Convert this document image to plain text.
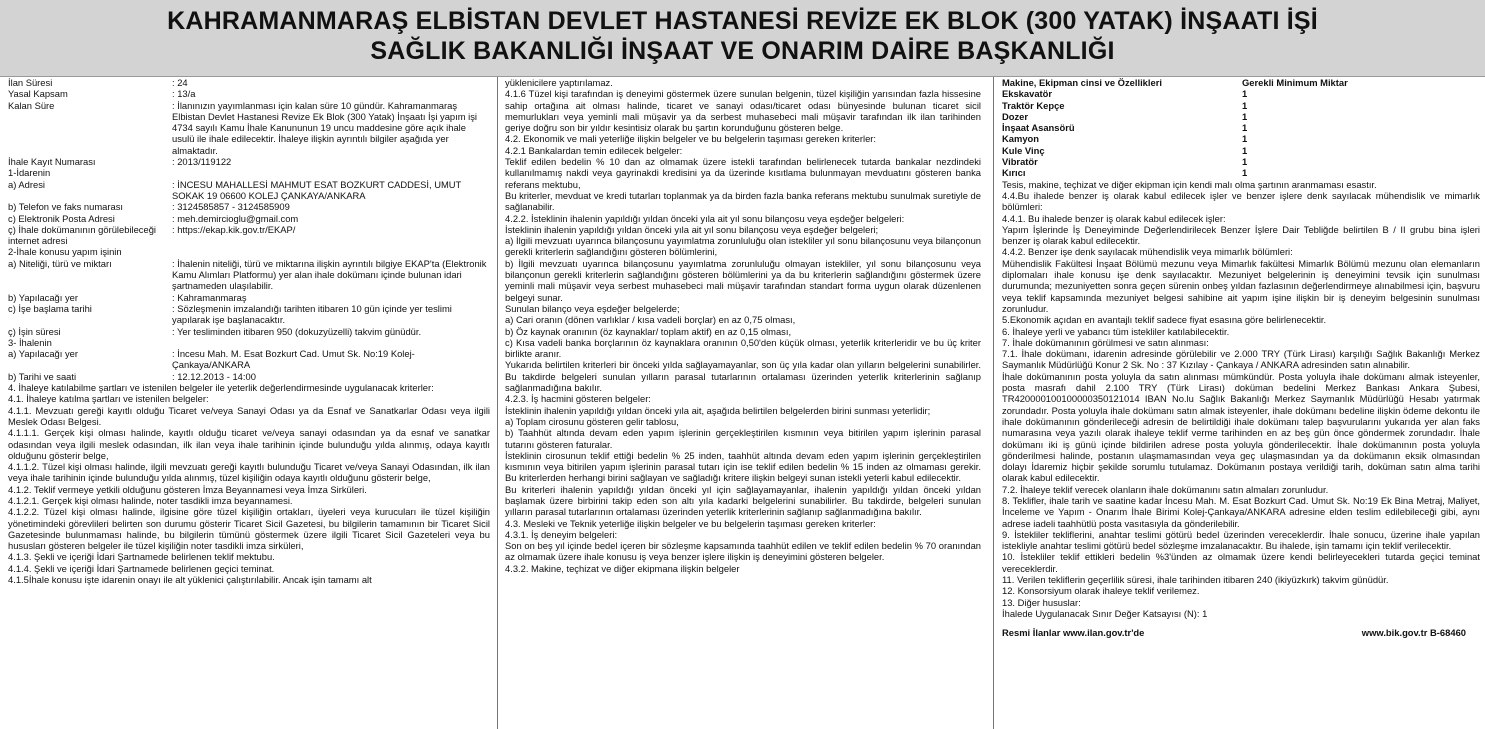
KAHRAMANMARAŞ ELBİSTAN DEVLET HASTANESİ REVİZE EK BLOK (300 YATAK) İNŞAATI İŞİ
SAĞLIK BAKANLIĞI İNŞAAT VE ONARIM DAİRE BAŞKANLIĞI
İlan Süresi	: 24
Yasal Kapsam	: 13/a
Kalan Süre	: İlanınızın yayımlanması için kalan süre 10 gündür. Kahramanmaraş Elbistan Devlet Hastanesi Revize Ek Blok (300 Yatak) İnşaatı İşi yapım işi 4734 sayılı Kamu İhale Kanununun 19 uncu maddesine göre açık ihale usulü ile ihale edilecektir. İhaleye ilişkin ayrıntılı bilgiler aşağıda yer almaktadır.
İhale Kayıt Numarası	: 2013/119122
1-İdarenin
a) Adresi	: İNCESU MAHALLESİ MAHMUT ESAT BOZKURT CADDESİ, UMUT SOKAK 19 06600 KOLEJ ÇANKAYA/ANKARA
b) Telefon ve faks numarası	: 3124585857 - 3124585909
c) Elektronik Posta Adresi	: meh.demircioglu@gmail.com
ç) İhale dokümanının görülebileceği internet adresi
: https://ekap.kik.gov.tr/EKAP/
2-İhale konusu yapım işinin
a) Niteliği, türü ve miktarı	: İhalenin niteliği, türü ve miktarına ilişkin ayrıntılı bilgiye EKAP'ta (Elektronik Kamu Alımları Platformu) yer alan ihale dokümanı içinde bulunan idari şartnameden ulaşılabilir.
b) Yapılacağı yer	: Kahramanmaraş
c) İşe başlama tarihi	: Sözleşmenin imzalandığı tarihten itibaren 10 gün içinde yer teslimi yapılarak işe başlanacaktır.
ç) İşin süresi	: Yer tesliminden itibaren 950 (dokuzyüzelli) takvim günüdür.
3- İhalenin
a) Yapılacağı yer	: İncesu Mah. M. Esat Bozkurt Cad. Umut Sk. No:19 Kolej-Çankaya/ANKARA
b) Tarihi ve saati	: 12.12.2013 - 14:00

4. İhaleye katılabilme şartları ve istenilen belgeler ile yeterlik değerlendirmesinde uygulanacak kriterler:

4.1. İhaleye katılma şartları ve istenilen belgeler:

4.1.1. Mevzuatı gereği kayıtlı olduğu Ticaret ve/veya Sanayi Odası ya da Esnaf ve Sanatkarlar Odası veya ilgili Meslek Odası Belgesi.

4.1.1.1. Gerçek kişi olması halinde, kayıtlı olduğu ticaret ve/veya sanayi odasından ya da esnaf ve sanatkar odasından veya ilgili meslek odasından, ilk ilan veya ihale tarihinin içinde bulunduğu yılda alınmış, odaya kayıtlı olduğunu gösterir belge,

4.1.1.2. Tüzel kişi olması halinde, ilgili mevzuatı gereği kayıtlı bulunduğu Ticaret ve/veya Sanayi Odasından, ilk ilan veya ihale tarihinin içinde bulunduğu yılda alınmış, tüzel kişiliğin odaya kayıtlı olduğunu gösterir belge,

4.1.2. Teklif vermeye yetkili olduğunu gösteren İmza Beyannamesi veya İmza Sirküleri.

4.1.2.1. Gerçek kişi olması halinde, noter tasdikli imza beyannamesi.

4.1.2.2. Tüzel kişi olması halinde, ilgisine göre tüzel kişiliğin ortakları, üyeleri veya kurucuları ile tüzel kişiliğin yönetimindeki görevlileri belirten son durumu gösterir Ticaret Sicil Gazetesi, bu bilgilerin tamamının bir Ticaret Sicil Gazetesinde bulunmaması halinde, bu bilgilerin tümünü göstermek üzere ilgili Ticaret Sicil Gazeteleri veya bu hususları gösteren belgeler ile tüzel kişiliğin noter tasdikli imza sirküleri,

4.1.3. Şekli ve içeriği İdari Şartnamede belirlenen teklif mektubu.

4.1.4. Şekli ve içeriği İdari Şartnamede belirlenen geçici teminat.

4.1.5İhale konusu işte idarenin onayı ile alt yüklenici çalıştırılabilir. Ancak işin tamamı alt

yüklenicilere yaptırılamaz.

4.1.6 Tüzel kişi tarafından iş deneyimi göstermek üzere sunulan belgenin, tüzel kişiliğin yarısından fazla hissesine sahip ortağına ait olması halinde, ticaret ve sanayi odası/ticaret odası bünyesinde bulunan ticaret sicil memurlukları veya yeminli mali müşavir ya da serbest muhasebeci mali müşavir tarafından ilk ilan tarihinden geriye doğru son bir yıldır kesintisiz olarak bu şartın korunduğunu gösteren belge.

4.2. Ekonomik ve mali yeterliğe ilişkin belgeler ve bu belgelerin taşıması gereken kriterler:

4.2.1 Bankalardan temin edilecek belgeler:

Teklif edilen bedelin % 10 dan az olmamak üzere istekli tarafından belirlenecek tutarda bankalar nezdindeki kullanılmamış nakdi veya gayrinakdi kredisini ya da üzerinde kısıtlama bulunmayan mevduatını gösteren banka referans mektubu,

Bu kriterler, mevduat ve kredi tutarları toplanmak ya da birden fazla banka referans mektubu sunulmak suretiyle de sağlanabilir.

4.2.2. İsteklinin ihalenin yapıldığı yıldan önceki yıla ait yıl sonu bilançosu veya eşdeğer belgeleri:

İsteklinin ihalenin yapıldığı yıldan önceki yıla ait yıl sonu bilançosu veya eşdeğer belgeleri;

a) İlgili mevzuatı uyarınca bilançosunu yayımlatma zorunluluğu olan istekliler yıl sonu bilançosunu veya bilançonun gerekli kriterlerin sağlandığını gösteren bölümlerini,

b) İlgili mevzuatı uyarınca bilançosunu yayımlatma zorunluluğu olmayan istekliler, yıl sonu bilançosunu veya bilançonun gerekli kriterlerin sağlandığını gösteren bölümlerini ya da bu kriterlerin sağlandığını göstermek üzere yeminli mali müşavir veya serbest muhasebeci mali müşavir tarafından standart forma uygun olarak düzenlenen belgeyi sunar.

Sunulan bilanço veya eşdeğer belgelerde;

a) Cari oranın (dönen varlıklar / kısa vadeli borçlar) en az 0,75 olması,

b) Öz kaynak oranının (öz kaynaklar/ toplam aktif) en az 0,15 olması,

c) Kısa vadeli banka borçlarının öz kaynaklara oranının 0,50'den küçük olması, yeterlik kriterleridir ve bu üç kriter birlikte aranır.

Yukarıda belirtilen kriterleri bir önceki yılda sağlayamayanlar, son üç yıla kadar olan yılların belgelerini sunabilirler. Bu takdirde belgeleri sunulan yılların parasal tutarlarının ortalaması üzerinden yeterlik kriterlerinin sağlanıp sağlanmadığına bakılır.

4.2.3. İş hacmini gösteren belgeler:

İsteklinin ihalenin yapıldığı yıldan önceki yıla ait, aşağıda belirtilen belgelerden birini sunması yeterlidir;

a) Toplam cirosunu gösteren gelir tablosu,

b) Taahhüt altında devam eden yapım işlerinin gerçekleştirilen kısmının veya bitirilen yapım işlerinin parasal tutarını gösteren faturalar.

İsteklinin cirosunun teklif ettiği bedelin % 25 inden, taahhüt altında devam eden yapım işlerinin gerçekleştirilen kısmının veya bitirilen yapım işlerinin parasal tutarı için ise teklif edilen bedelin % 15 inden az olmaması gerekir. Bu kriterlerden herhangi birini sağlayan ve sağladığı kritere ilişkin belgeyi sunan istekli yeterli kabul edilecektir.

Bu kriterleri ihalenin yapıldığı yıldan önceki yıl için sağlayamayanlar, ihalenin yapıldığı yıldan önceki yıldan başlamak üzere birbirini takip eden son altı yıla kadarki belgelerini sunabilirler. Bu takdirde, belgeleri sunulan yılların parasal tutarlarının ortalaması üzerinden yeterlik kriterlerinin sağlanıp sağlanmadığına bakılır.

4.3. Mesleki ve Teknik yeterliğe ilişkin belgeler ve bu belgelerin taşıması gereken kriterler:

4.3.1. İş deneyim belgeleri:

Son on beş yıl içinde bedel içeren bir sözleşme kapsamında taahhüt edilen ve teklif edilen bedelin % 70 oranından az olmamak üzere ihale konusu iş veya benzer işlere ilişkin iş deneyimini gösteren belgeler.

4.3.2. Makine, teçhizat ve diğer ekipmana ilişkin belgeler

Makine, Ekipman cinsi ve Özellikleri	Gerekli Minimum Miktar
Ekskavatör	1
Traktör Kepçe	1
Dozer	1
İnşaat Asansörü	1
Kamyon	1
Kule Vinç	1
Vibratör	1
Kırıcı	1

Tesis, makine, teçhizat ve diğer ekipman için kendi malı olma şartının aranmaması esastır.

4.4.Bu ihalede benzer iş olarak kabul edilecek işler ve benzer işlere denk sayılacak mühendislik ve mimarlık bölümleri:

4.4.1. Bu ihalede benzer iş olarak kabul edilecek işler:

Yapım İşlerinde İş Deneyiminde Değerlendirilecek Benzer İşlere Dair Tebliğde belirtilen B / II grubu bina işleri benzer iş olarak kabul edilecektir.

4.4.2. Benzer işe denk sayılacak mühendislik veya mimarlık bölümleri:

Mühendislik Fakültesi İnşaat Bölümü mezunu veya Mimarlık fakültesi Mimarlık Bölümü mezunu olan elemanların diplomaları ihale konusu işe denk sayılacaktır. Mezuniyet belgelerinin iş deneyimini tevsik için sunulması durumunda; mezuniyetten sonra geçen sürenin onbeş yıldan fazlasının değerlendirmeye alınabilmesi için, başvuru veya teklif kapsamında mezuniyet belgesi sahibine ait yapım işine ilişkin bir iş deneyim belgesinin sunulması zorunludur.

5.Ekonomik açıdan en avantajlı teklif sadece fiyat esasına göre belirlenecektir.

6. İhaleye yerli ve yabancı tüm istekliler katılabilecektir.

7. İhale dokümanının görülmesi ve satın alınması:

7.1. İhale dokümanı, idarenin adresinde görülebilir ve 2.000 TRY (Türk Lirası) karşılığı Sağlık Bakanlığı Merkez Saymanlık Müdürlüğü Konur 2 Sk. No : 37 Kızılay - Çankaya / ANKARA adresinden satın alınabilir.

İhale dokümanının posta yoluyla da satın alınması mümkündür. Posta yoluyla ihale dokümanı almak isteyenler, posta masrafı dahil 2.100 TRY (Türk Lirası) doküman bedelini Merkez Bankası Ankara Şubesi, TR420000100100000350121014 IBAN No.lu Sağlık Bakanlığı Merkez Saymanlık Müdürlüğü Hesabı yatırmak zorundadır. Posta yoluyla ihale dokümanı satın almak isteyenler, ihale dokümanı bedeline ilişkin ödeme dekontu ile ihale dokümanının gönderileceği adresin de belirtildiği ihale dokümanı talep başvurularını yukarıda yer alan faks numarasına veya yazılı olarak ihaleye teklif verme tarihinden en az beş gün önce göndermek zorundadır. İhale dokümanı iki iş günü içinde bildirilen adrese posta yoluyla gönderilecektir. İhale dokümanının posta yoluyla gönderilmesi halinde, postanın ulaşmamasından veya geç ulaşmasından ya da dokümanın eksik olmasından dolayı İdaremiz hiçbir şekilde sorumlu tutulamaz. Dokümanın postaya verildiği tarih, doküman satın alma tarihi olarak kabul edilecektir.

7.2. İhaleye teklif verecek olanların ihale dokümanını satın almaları zorunludur.

8. Teklifler, ihale tarih ve saatine kadar İncesu Mah. M. Esat Bozkurt Cad. Umut Sk. No:19 Ek Bina Metraj, Maliyet, İnceleme ve Yapım - Onarım İhale Birimi Kolej-Çankaya/ANKARA adresine elden teslim edilebileceği gibi, aynı adrese iadeli taahhütlü posta vasıtasıyla da gönderilebilir.

9. İstekliler tekliflerini, anahtar teslimi götürü bedel üzerinden vereceklerdir. İhale sonucu, üzerine ihale yapılan istekliyle anahtar teslimi götürü bedel sözleşme imzalanacaktır. Bu ihalede, işin tamamı için teklif verilecektir.

10. İstekliler teklif ettikleri bedelin %3'ünden az olmamak üzere kendi belirleyecekleri tutarda geçici teminat vereceklerdir.

11. Verilen tekliflerin geçerlilik süresi, ihale tarihinden itibaren 240 (ikiyüzkırk) takvim günüdür.

12. Konsorsiyum olarak ihaleye teklif verilemez.

13. Diğer hususlar:

İhalede Uygulanacak Sınır Değer Katsayısı (N): 1

Resmi İlanlar www.ilan.gov.tr'de	www.bik.gov.tr B-68460
